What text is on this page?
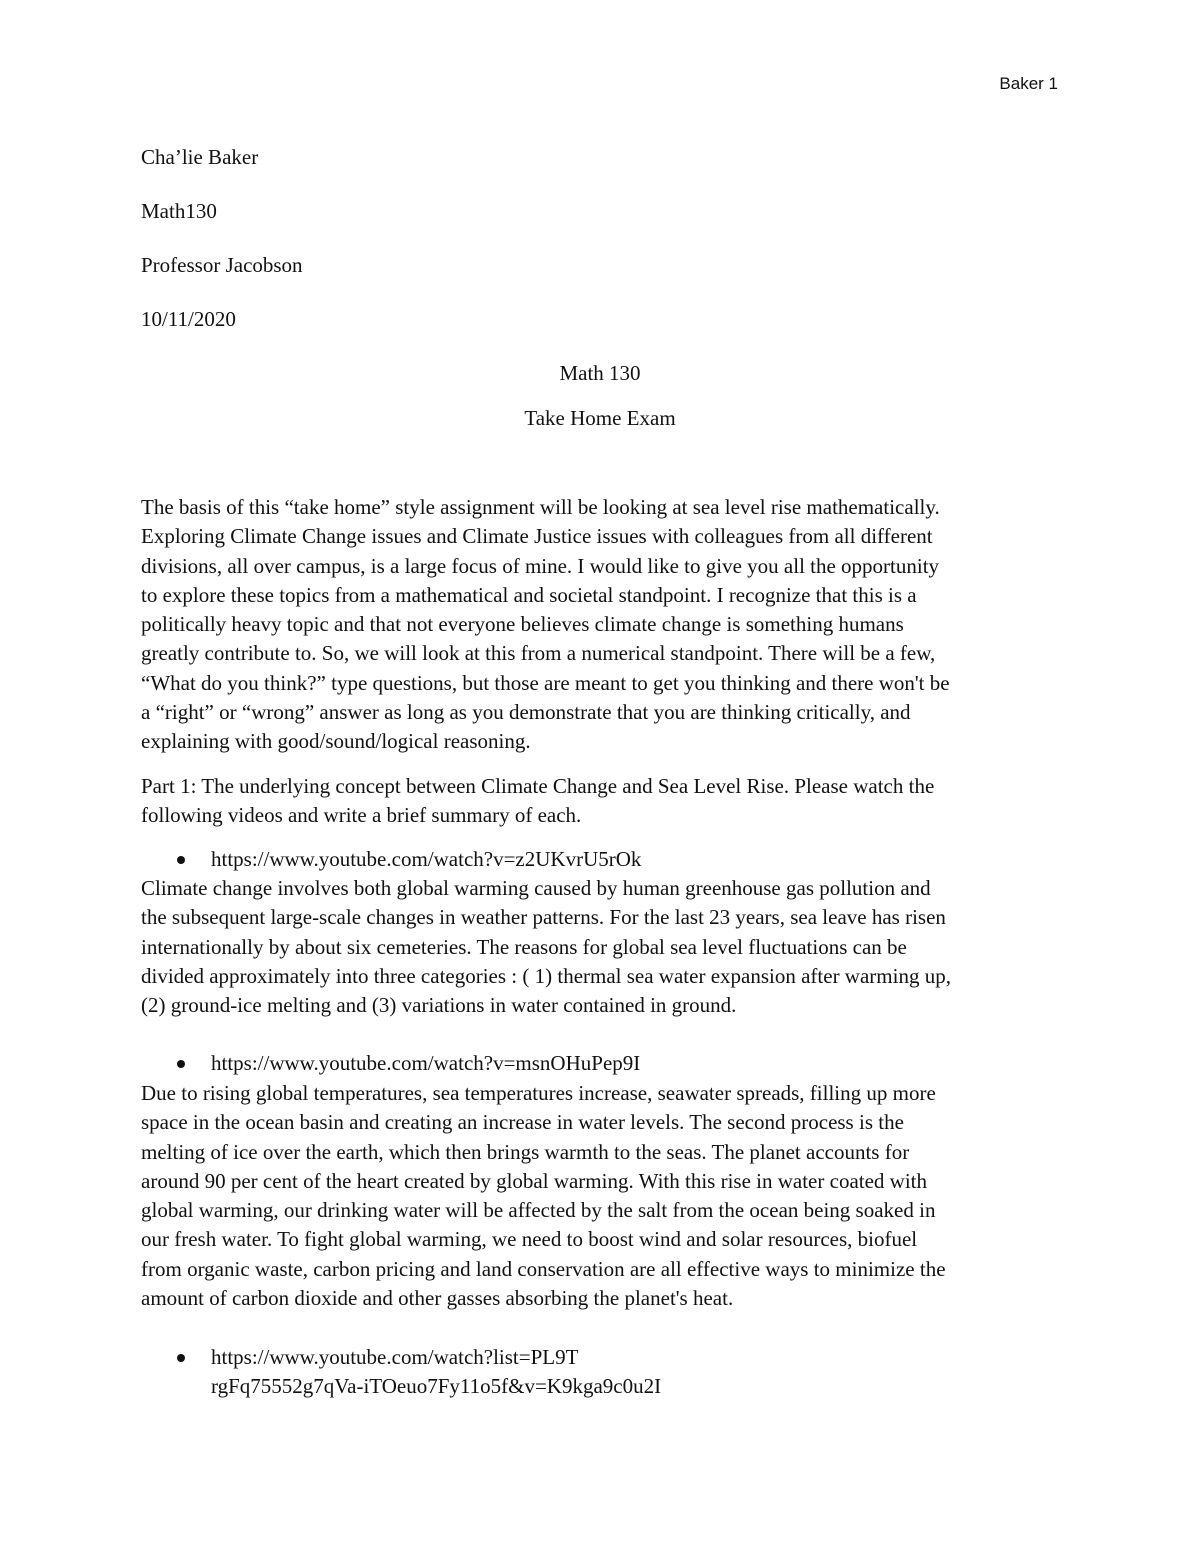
Baker 1
Cha’lie Baker
Math130
Professor Jacobson
10/11/2020
Math 130
Take Home Exam
The basis of this “take home” style assignment will be looking at sea level rise mathematically.
Exploring Climate Change issues and Climate Justice issues with colleagues from all different
divisions, all over campus, is a large focus of mine. I would like to give you all the opportunity
to explore these topics from a mathematical and societal standpoint. I recognize that this is a
politically heavy topic and that not everyone believes climate change is something humans
greatly contribute to. So, we will look at this from a numerical standpoint. There will be a few,
“What do you think?” type questions, but those are meant to get you thinking and there won't be
a “right” or “wrong” answer as long as you demonstrate that you are thinking critically, and
explaining with good/sound/logical reasoning.
Part 1: The underlying concept between Climate Change and Sea Level Rise. Please watch the
following videos and write a brief summary of each.
https://www.youtube.com/watch?v=z2UKvrU5rOk
Climate change involves both global warming caused by human greenhouse gas pollution and
the subsequent large-scale changes in weather patterns. For the last 23 years, sea leave has risen
internationally by about six cemeteries. The reasons for global sea level fluctuations can be
divided approximately into three categories : ( 1) thermal sea water expansion after warming up,
(2) ground-ice melting and (3) variations in water contained in ground.
https://www.youtube.com/watch?v=msnOHuPep9I
Due to rising global temperatures, sea temperatures increase, seawater spreads, filling up more
space in the ocean basin and creating an increase in water levels. The second process is the
melting of ice over the earth, which then brings warmth to the seas. The planet accounts for
around 90 per cent of the heart created by global warming. With this rise in water coated with
global warming, our drinking water will be affected by the salt from the ocean being soaked in
our fresh water. To fight global warming, we need to boost wind and solar resources, biofuel
from organic waste, carbon pricing and land conservation are all effective ways to minimize the
amount of carbon dioxide and other gasses absorbing the planet's heat.
https://www.youtube.com/watch?list=PL9T
rgFq75552g7qVa-iTOeuo7Fy11o5f&v=K9kga9c0u2I
